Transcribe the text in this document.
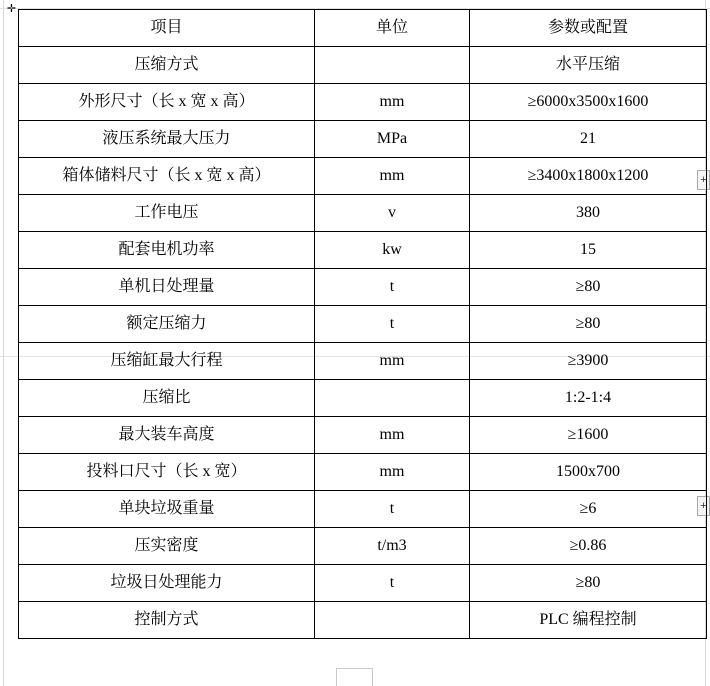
✛
+
+
项目	单位	参数或配置
压缩方式		水平压缩
外形尺寸（长 x 宽 x 高）	mm	≥6000x3500x1600
液压系统最大压力	MPa	21
箱体储料尺寸（长 x 宽 x 高）	mm	≥3400x1800x1200
工作电压	v	380
配套电机功率	kw	15
单机日处理量	t	≥80
额定压缩力	t	≥80
压缩缸最大行程	mm	≥3900
压缩比		1:2-1:4
最大装车高度	mm	≥1600
投料口尺寸（长 x 宽）	mm	1500x700
单块垃圾重量	t	≥6
压实密度	t/m3	≥0.86
垃圾日处理能力	t	≥80
控制方式		PLC 编程控制
